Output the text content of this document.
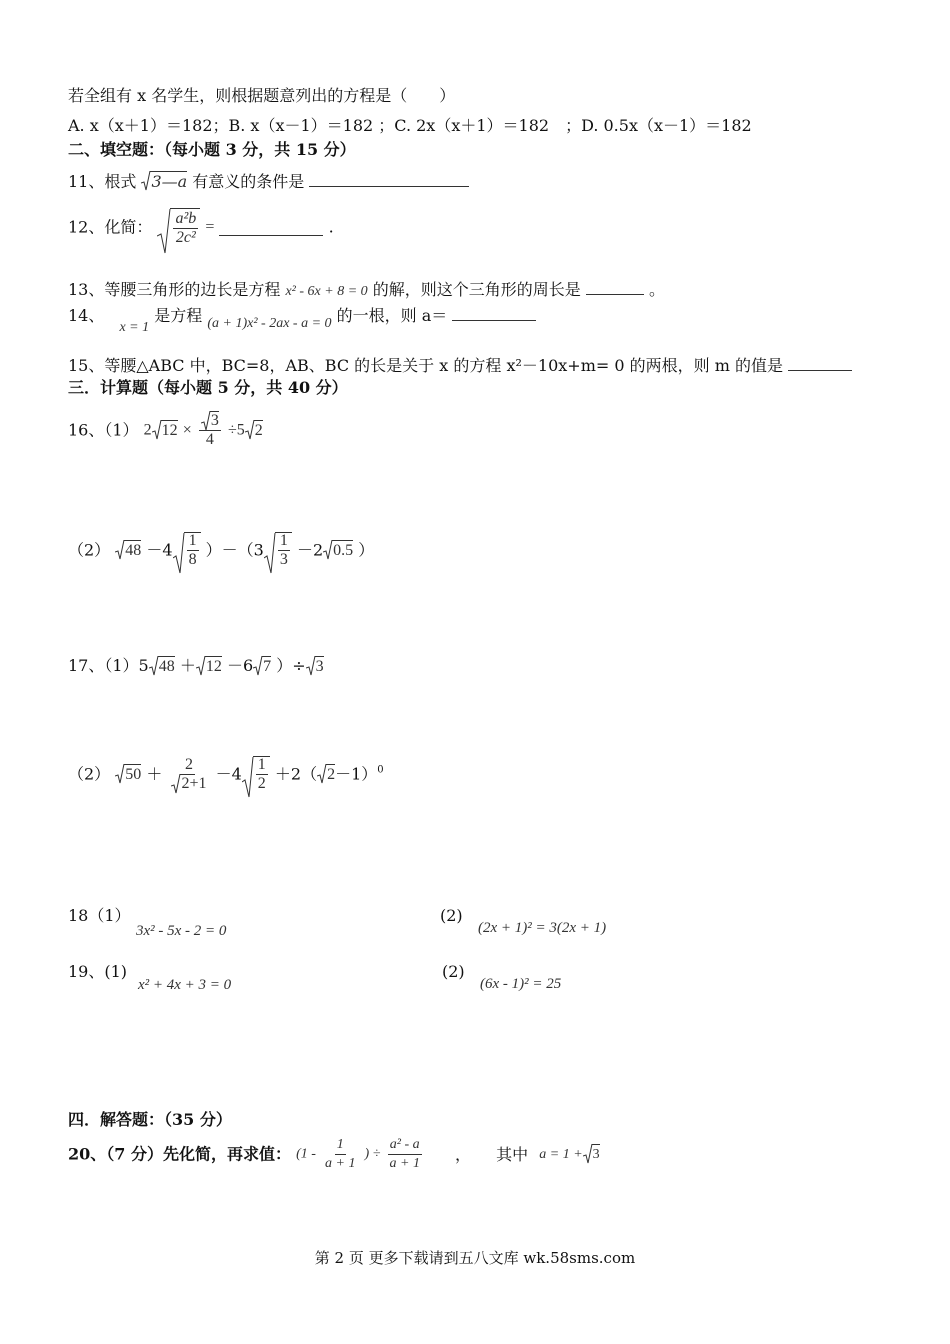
若全组有 x 名学生，则根据题意列出的方程是（　　）
A. x（x＋1）＝182；B. x（x－1）＝182 ；C. 2x（x＋1）＝182　；D. 0.5x（x－1）＝182
二、填空题：（每小题 3 分，共 15 分）
11、根式 3—a 有意义的条件是
12、化简： $\frac{\text{a²b}}{\text{2c²}}$ =	.
13、等腰三角形的边长是方程 x² - 6x + 8 = 0 的解，则这个三角形的周长是	。
14、 x = 1 是方程 (a + 1)x² - 2ax - a = 0 的一根，则 a＝
15、等腰△ABC 中，BC=8，AB、BC 的长是关于 x 的方程 x²－10x+m= 0 的两根，则 m 的值是
三．计算题（每小题 5 分，共 40 分）
16、（1） 2 $12 \times \frac{3}{4} \div 5$ 2
（2） $48 -4 \frac{1}{8} )-(3 \frac{1}{3} -2$ 0.5 ）
17、（1）5 48 ＋ 12 －6 7 ）÷ 3
（2） $50 + \frac{2}{2+1} -4 \frac{1}{2} +2$（ 2－1）$^0$
18（1）
3x² - 5x - 2 = 0
(2)
(2x + 1)² = 3(2x + 1)
19、(1)
x² + 4x + 3 = 0
(2)
(6x - 1)² = 25
四．解答题：（35 分）
20、（7 分）先化简，再求值： ($1 - \frac{1}{a + 1}$ ) ÷ $\frac{\text{a² - a}}{a + 1}$ ， 其中 a = 1 + 3
第 2 页 更多下载请到五八文库 wk.58sms.com
